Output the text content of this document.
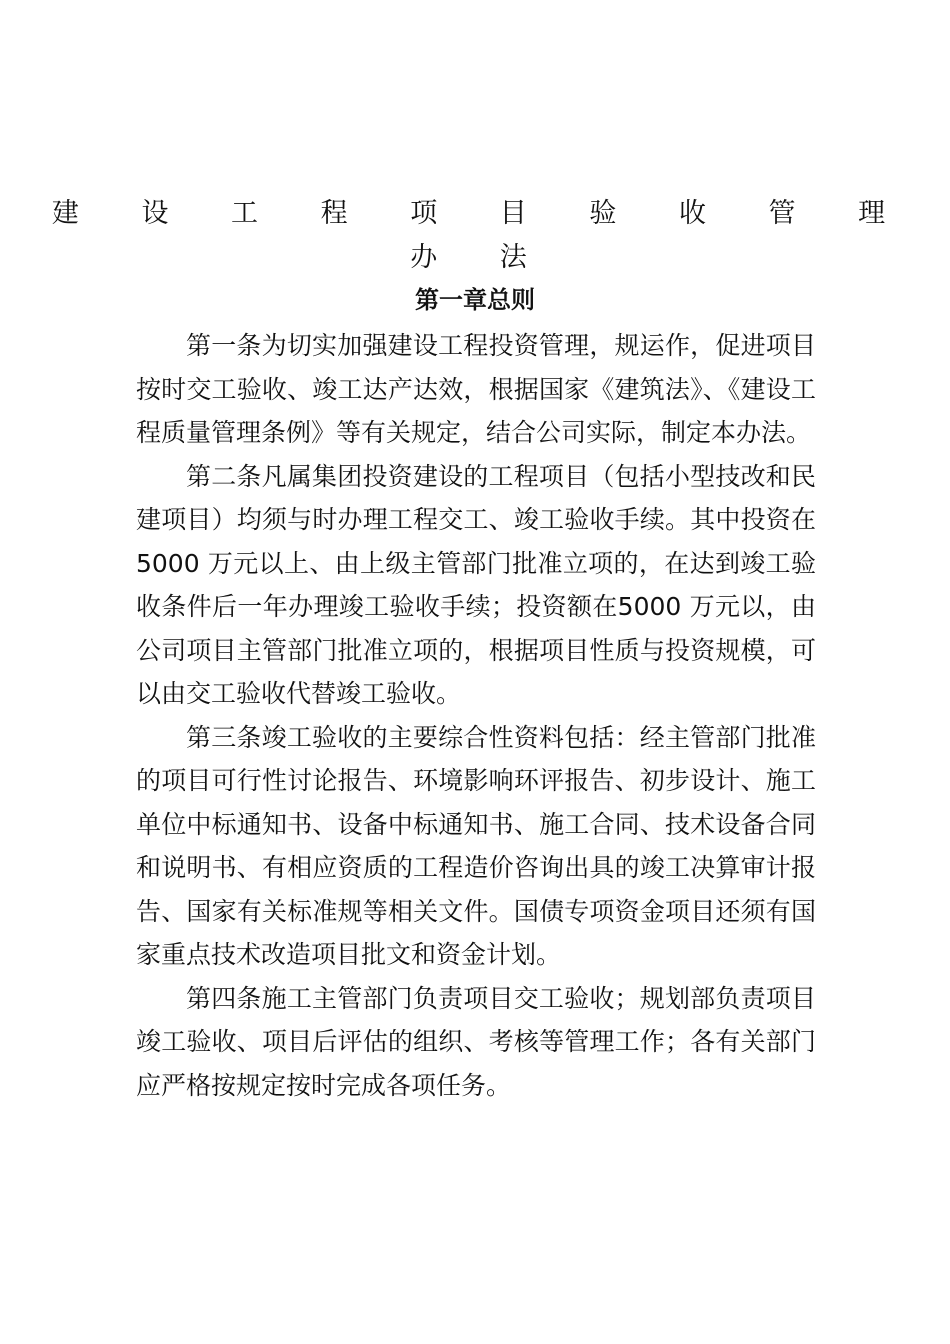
建 设 工 程 项 目 验 收 管 理 办 法
第一章总则

第一条为切实加强建设工程投资管理，规运作，促进项目按时交工验收、竣工达产达效，根据国家《建筑法》、《建设工程质量管理条例》等有关规定，结合公司实际，制定本办法。

第二条凡属集团投资建设的工程项目（包括小型技改和民建项目）均须与时办理工程交工、竣工验收手续。其中投资在5000 万元以上、由上级主管部门批准立项的，在达到竣工验收条件后一年办理竣工验收手续；投资额在5000 万元以，由公司项目主管部门批准立项的，根据项目性质与投资规模，可以由交工验收代替竣工验收。

第三条竣工验收的主要综合性资料包括：经主管部门批准的项目可行性讨论报告、环境影响环评报告、初步设计、施工单位中标通知书、设备中标通知书、施工合同、技术设备合同和说明书、有相应资质的工程造价咨询出具的竣工决算审计报告、国家有关标准规等相关文件。国债专项资金项目还须有国家重点技术改造项目批文和资金计划。

第四条施工主管部门负责项目交工验收；规划部负责项目竣工验收、项目后评估的组织、考核等管理工作；各有关部门应严格按规定按时完成各项任务。
